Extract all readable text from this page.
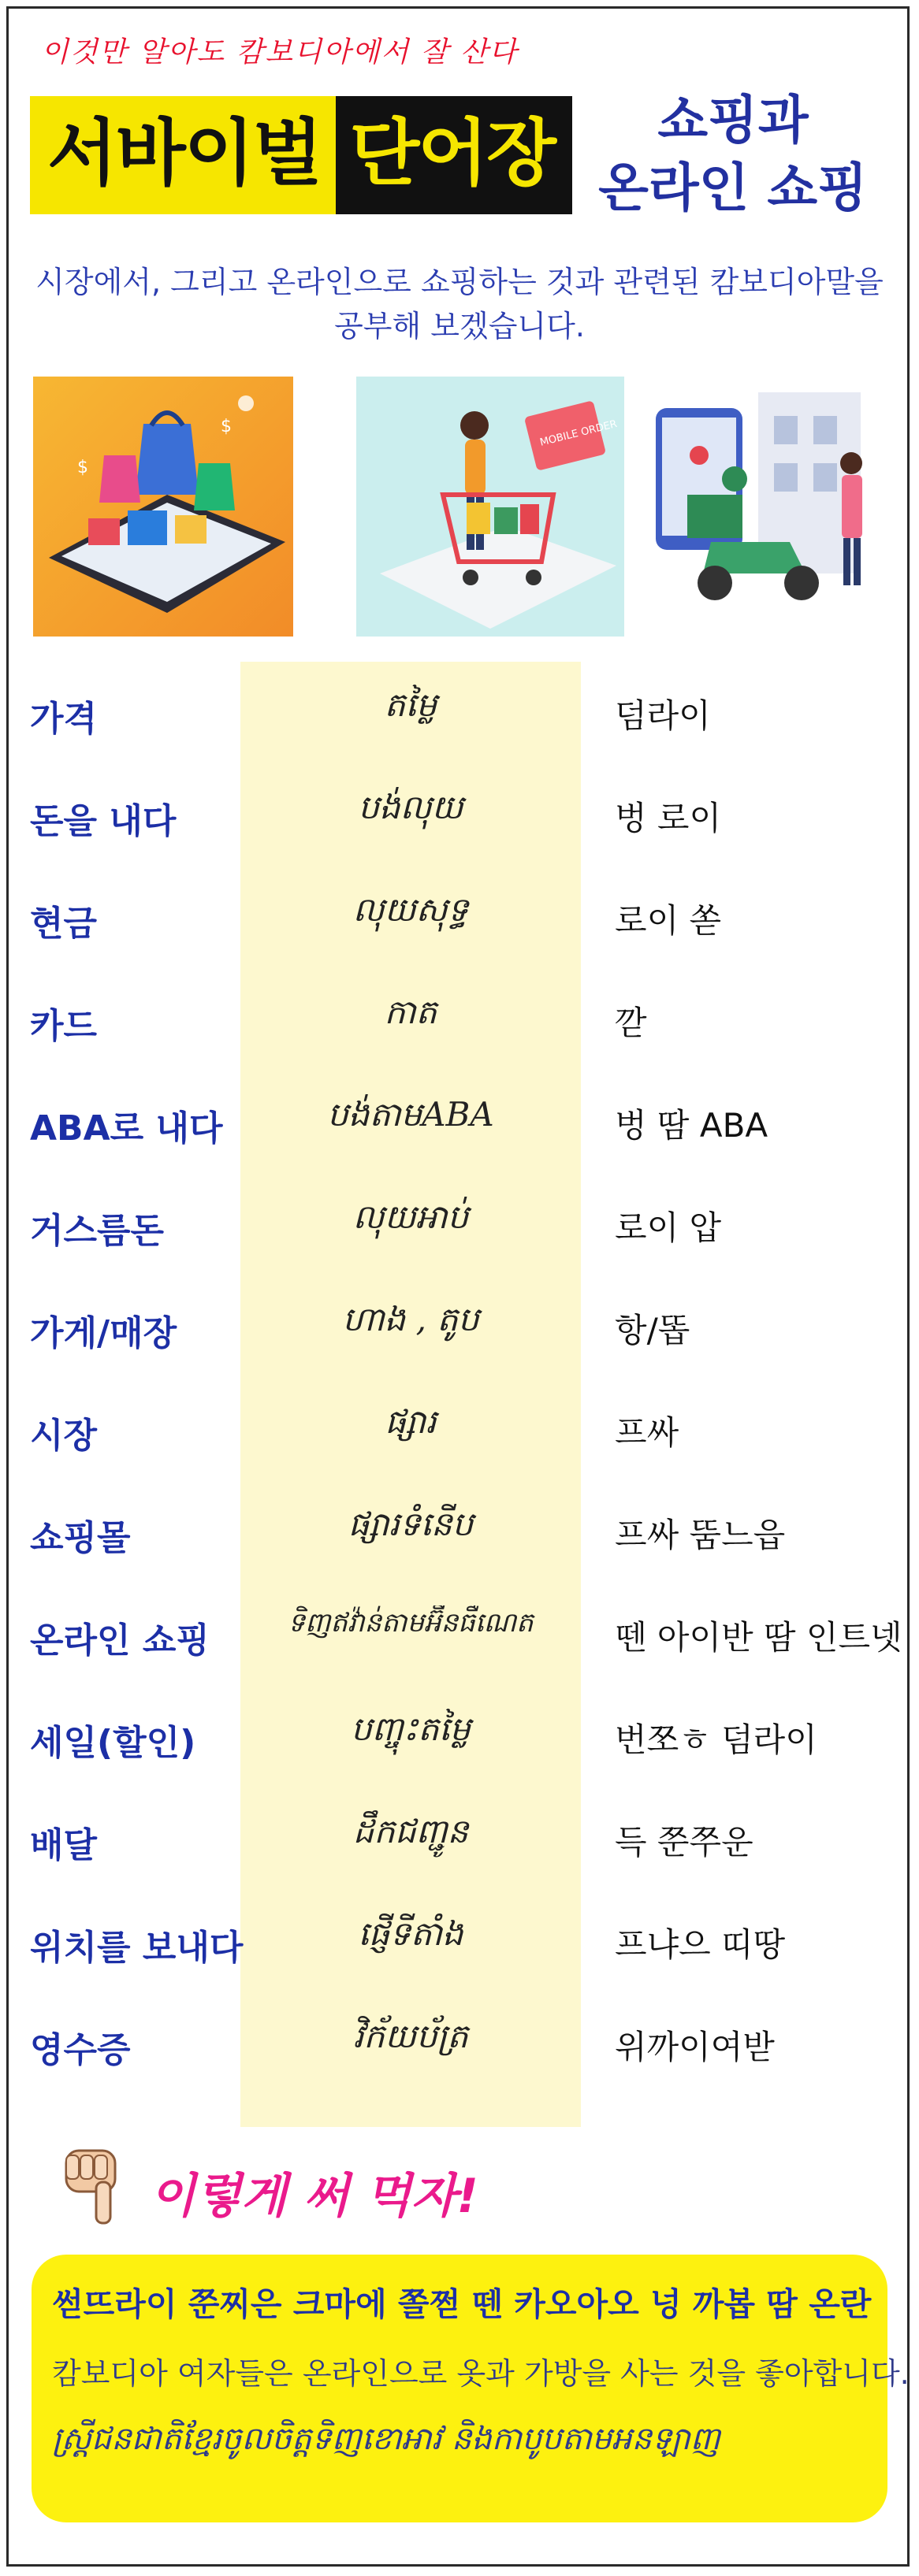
이것만 알아도 캄보디아에서 잘 산다
서바이벌 단어장	쇼핑과
온라인 쇼핑
시장에서, 그리고 온라인으로 쇼핑하는 것과 관련된 캄보디아말을
공부해 보겠습니다.
$
$
MOBILE ORDER
가격	តម្លៃ	덤라이
돈을 내다	បង់លុយ	벙 로이
현금	លុយសុទ្ធ	로이 쏟
카드	កាត	깓
ABA로 내다	បង់តាមABA	벙 땀 ABA
거스름돈	លុយអាប់	로이 압
가게/매장	ហាង , តូប	항/똡
시장	ផ្សារ	프싸
쇼핑몰	ផ្សារទំនើប	프싸 뚬느읍
온라인 쇼핑	ទិញឥវ៉ាន់តាមអ៊ីនធឺណេត	뗀 아이반 땀 인트넷
세일(할인)	បញ្ចុះតម្លៃ	번쪼ㅎ 덤라이
배달	ដឹកជញ្ជូន	득 쭌쭈운
위치를 보내다	ផ្ញើទីតាំង	프냐으 띠땅
영수증	វិក័យប័ត្រ	위까이여받
이렇게 써 먹자!
썯뜨라이 쭌찌은 크마에 쫄쩓 뗀 카오아오 넝 까봅 땀 온란
캄보디아 여자들은 온라인으로 옷과 가방을 사는 것을 좋아합니다.
ស្ត្រីជនជាតិខ្មែរចូលចិត្តទិញខោអាវ និងកាបូបតាមអនឡាញ
